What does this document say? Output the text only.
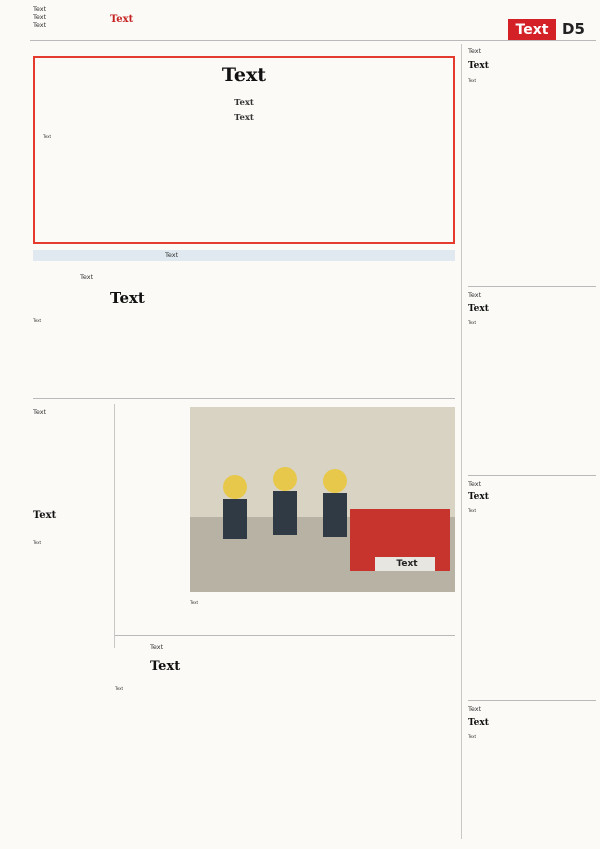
Text
Text
Text	Text
Text D5
Text
Text
Text

Text

Text
Text
Text

Text

Text
Text

Text

Text

Text

Text
Text

Text

Text
Text

Text

Text
Text

Text

Text
Text

Text

Text
Text

Text
